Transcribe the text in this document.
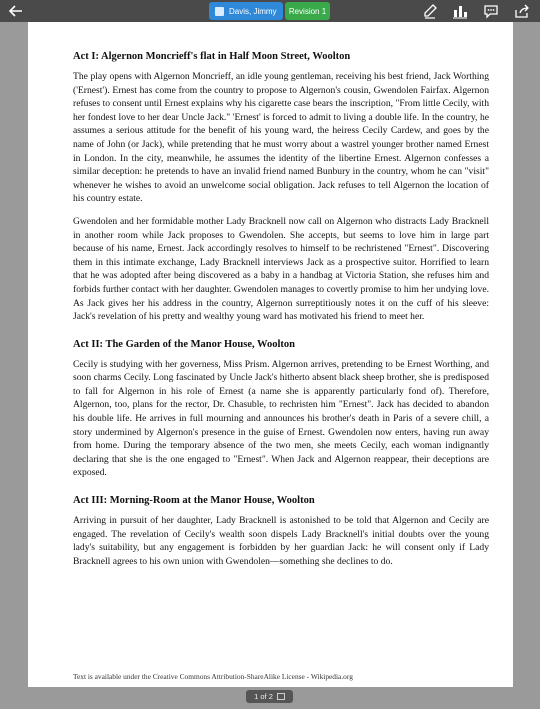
Davis, Jimmy Revision 1
Act I: Algernon Moncrieff's flat in Half Moon Street, Woolton

The play opens with Algernon Moncrieff, an idle young gentleman, receiving his best friend, Jack Worthing ('Ernest'). Ernest has come from the country to propose to Algernon's cousin, Gwendolen Fairfax. Algernon refuses to consent until Ernest explains why his cigarette case bears the inscription, "From little Cecily, with her fondest love to her dear Uncle Jack." 'Ernest' is forced to admit to living a double life. In the country, he assumes a serious attitude for the benefit of his young ward, the heiress Cecily Cardew, and goes by the name of John (or Jack), while pretending that he must worry about a wastrel younger brother named Ernest in London. In the city, meanwhile, he assumes the identity of the libertine Ernest. Algernon confesses a similar deception: he pretends to have an invalid friend named Bunbury in the country, whom he can "visit" whenever he wishes to avoid an unwelcome social obligation. Jack refuses to tell Algernon the location of his country estate.

Gwendolen and her formidable mother Lady Bracknell now call on Algernon who distracts Lady Bracknell in another room while Jack proposes to Gwendolen. She accepts, but seems to love him in large part because of his name, Ernest. Jack accordingly resolves to himself to be rechristened "Ernest". Discovering them in this intimate exchange, Lady Bracknell interviews Jack as a prospective suitor. Horrified to learn that he was adopted after being discovered as a baby in a handbag at Victoria Station, she refuses him and forbids further contact with her daughter. Gwendolen manages to covertly promise to him her undying love. As Jack gives her his address in the country, Algernon surreptitiously notes it on the cuff of his sleeve: Jack's revelation of his pretty and wealthy young ward has motivated his friend to meet her.

Act II: The Garden of the Manor House, Woolton

Cecily is studying with her governess, Miss Prism. Algernon arrives, pretending to be Ernest Worthing, and soon charms Cecily. Long fascinated by Uncle Jack's hitherto absent black sheep brother, she is predisposed to fall for Algernon in his role of Ernest (a name she is apparently particularly fond of). Therefore, Algernon, too, plans for the rector, Dr. Chasuble, to rechristen him "Ernest". Jack has decided to abandon his double life. He arrives in full mourning and announces his brother's death in Paris of a severe chill, a story undermined by Algernon's presence in the guise of Ernest. Gwendolen now enters, having run away from home. During the temporary absence of the two men, she meets Cecily, each woman indignantly declaring that she is the one engaged to "Ernest". When Jack and Algernon reappear, their deceptions are exposed.

Act III: Morning-Room at the Manor House, Woolton

Arriving in pursuit of her daughter, Lady Bracknell is astonished to be told that Algernon and Cecily are engaged. The revelation of Cecily's wealth soon dispels Lady Bracknell's initial doubts over the young lady's suitability, but any engagement is forbidden by her guardian Jack: he will consent only if Lady Bracknell agrees to his own union with Gwendolen—something she declines to do.

Text is available under the Creative Commons Attribution-ShareAlike License - Wikipedia.org
1 of 2
